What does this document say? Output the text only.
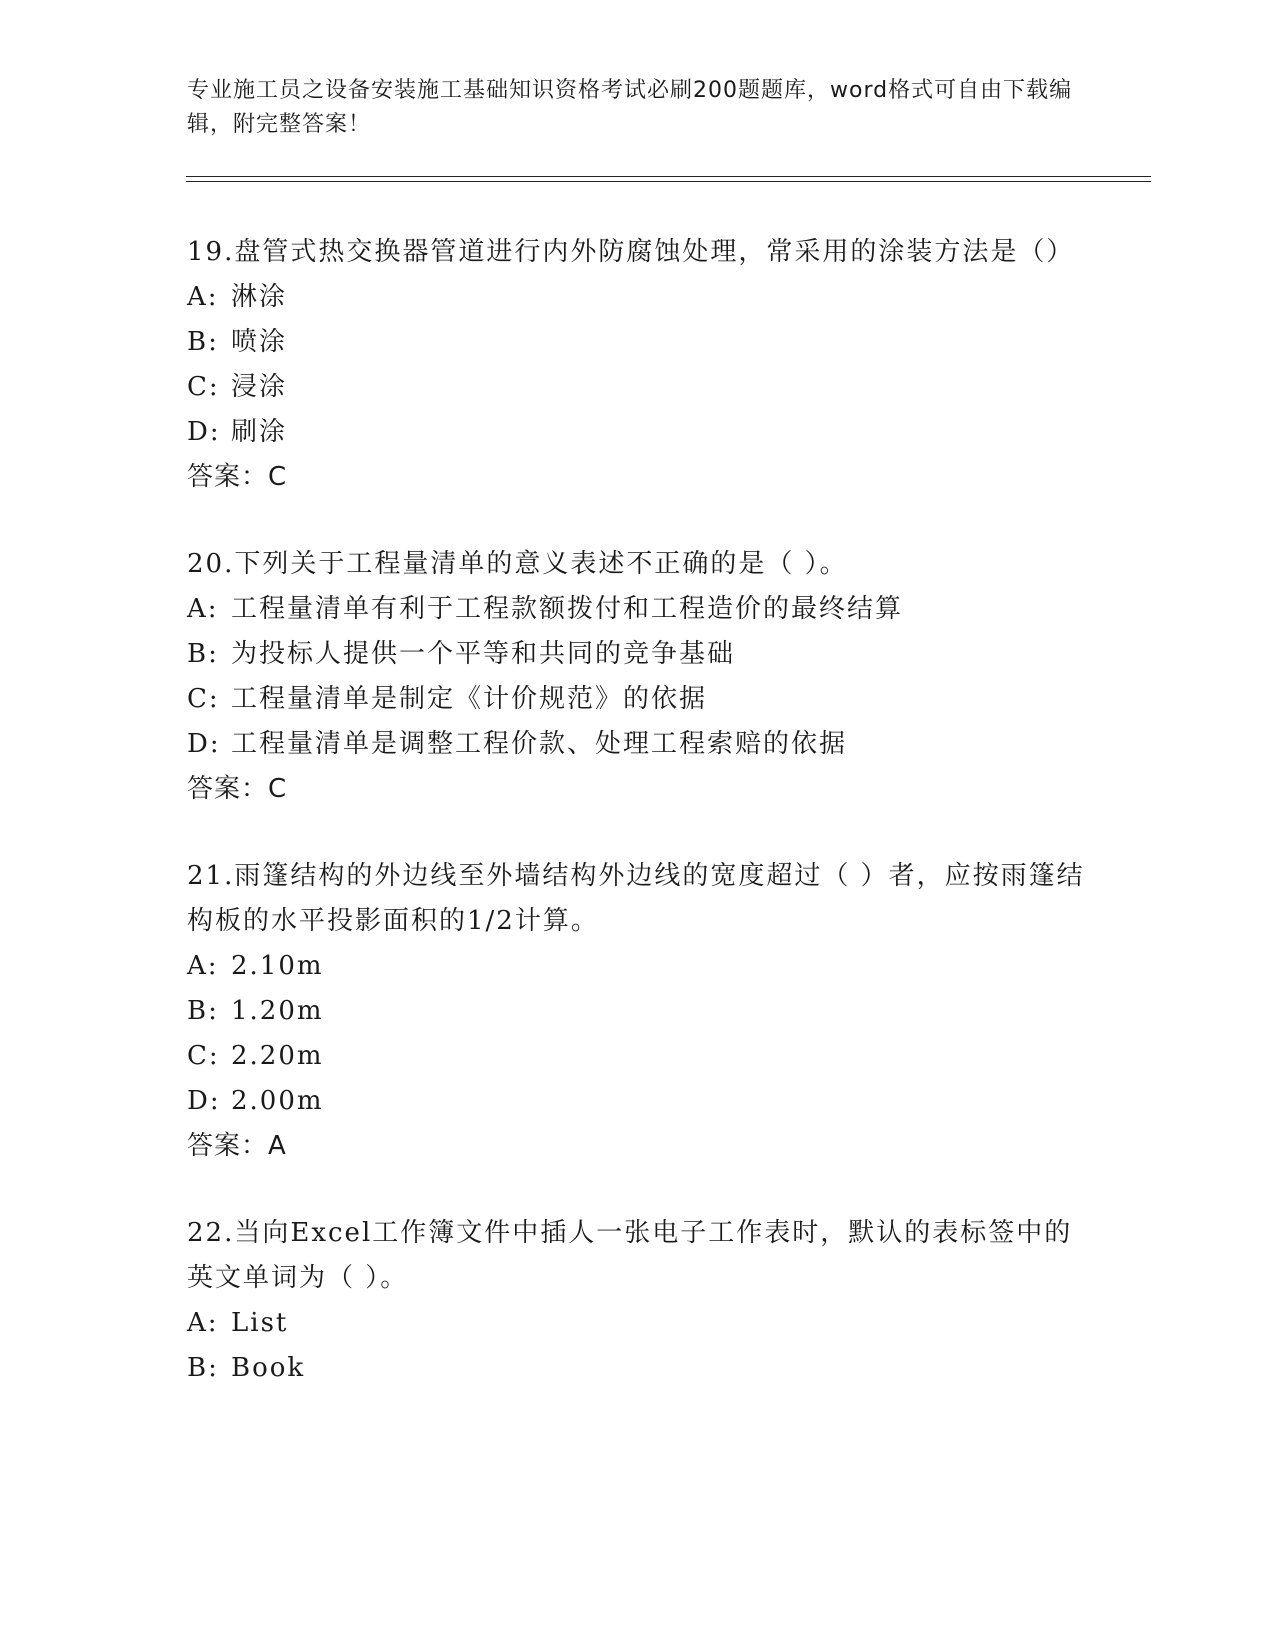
专业施工员之设备安装施工基础知识资格考试必刷200题题库，word格式可自由下载编辑，附完整答案！

19.盘管式热交换器管道进行内外防腐蚀处理，常采用的涂装方法是（）

A: 淋涂

B: 喷涂

C: 浸涂

D: 刷涂

答案：C

20.下列关于工程量清单的意义表述不正确的是（ ）。

A: 工程量清单有利于工程款额拨付和工程造价的最终结算

B: 为投标人提供一个平等和共同的竞争基础

C: 工程量清单是制定《计价规范》的依据

D: 工程量清单是调整工程价款、处理工程索赔的依据

答案：C

21.雨篷结构的外边线至外墙结构外边线的宽度超过（ ）者，应按雨篷结构板的水平投影面积的1/2计算。

A: 2.10m

B: 1.20m

C: 2.20m

D: 2.00m

答案：A

22.当向Excel工作簿文件中插人一张电子工作表时，默认的表标签中的英文单词为（ ）。

A: List

B: Book
